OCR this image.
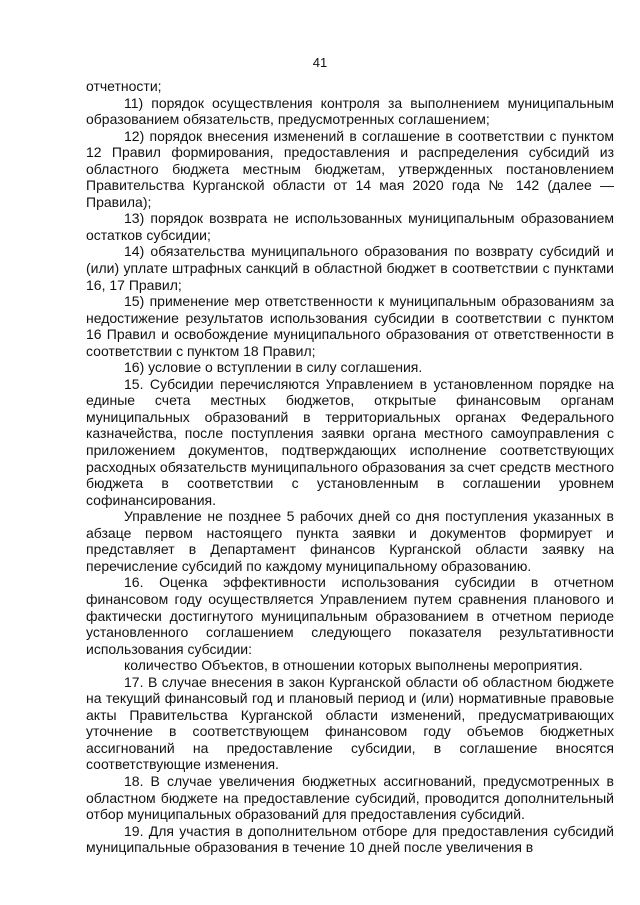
41

отчетности;

11) порядок осуществления контроля за выполнением муниципальным образованием обязательств, предусмотренных соглашением;

12) порядок внесения изменений в соглашение в соответствии с пунктом 12 Правил формирования, предоставления и распределения субсидий из областного бюджета местным бюджетам, утвержденных постановлением Правительства Курганской области от 14 мая 2020 года № 142 (далее — Правила);

13) порядок возврата не использованных муниципальным образованием остатков субсидии;

14) обязательства муниципального образования по возврату субсидий и (или) уплате штрафных санкций в областной бюджет в соответствии с пунктами 16, 17 Правил;

15) применение мер ответственности к муниципальным образованиям за недостижение результатов использования субсидии в соответствии с пунктом 16 Правил и освобождение муниципального образования от ответственности в соответствии с пунктом 18 Правил;

16) условие о вступлении в силу соглашения.

15. Субсидии перечисляются Управлением в установленном порядке на единые счета местных бюджетов, открытые финансовым органам муниципальных образований в территориальных органах Федерального казначейства, после поступления заявки органа местного самоуправления с приложением документов, подтверждающих исполнение соответствующих расходных обязательств муниципального образования за счет средств местного бюджета в соответствии с установленным в соглашении уровнем софинансирования.

Управление не позднее 5 рабочих дней со дня поступления указанных в абзаце первом настоящего пункта заявки и документов формирует и представляет в Департамент финансов Курганской области заявку на перечисление субсидий по каждому муниципальному образованию.

16. Оценка эффективности использования субсидии в отчетном финансовом году осуществляется Управлением путем сравнения планового и фактически достигнутого муниципальным образованием в отчетном периоде установленного соглашением следующего показателя результативности использования субсидии:

количество Объектов, в отношении которых выполнены мероприятия.

17. В случае внесения в закон Курганской области об областном бюджете на текущий финансовый год и плановый период и (или) нормативные правовые акты Правительства Курганской области изменений, предусматривающих уточнение в соответствующем финансовом году объемов бюджетных ассигнований на предоставление субсидии, в соглашение вносятся соответствующие изменения.

18. В случае увеличения бюджетных ассигнований, предусмотренных в областном бюджете на предоставление субсидий, проводится дополнительный отбор муниципальных образований для предоставления субсидий.

19. Для участия в дополнительном отборе для предоставления субсидий муниципальные образования в течение 10 дней после увеличения в
